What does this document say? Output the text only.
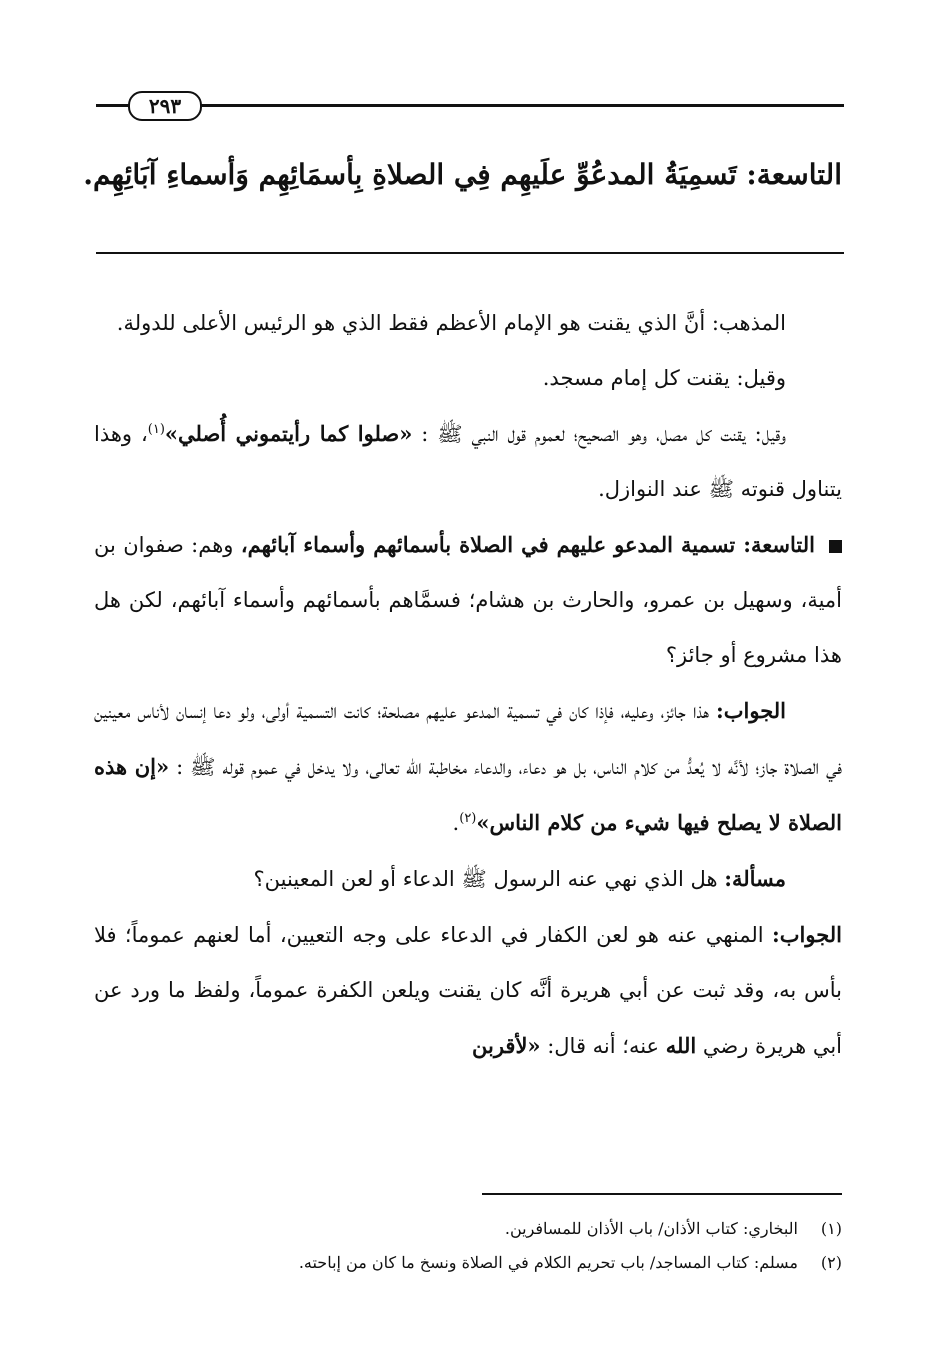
٢٩٣
التاسعة: تَسمِيَةُ المدعُوِّ علَيهِم فِي الصلاةِ بِأسمَائِهِم وَأسماءِ آبَائِهِم.

المذهب: أنَّ الذي يقنت هو الإمام الأعظم فقط الذي هو الرئيس الأعلى للدولة.

وقيل: يقنت كل إمام مسجد.

وقيل: يقنت كل مصل، وهو الصحيح؛ لعموم قول النبي ﷺ : «صلوا كما رأيتموني أُصلي»$^{(١)}$، وهذا يتناول قنوته ﷺ عند النوازل.

التاسعة: تسمية المدعو عليهم في الصلاة بأسمائهم وأسماء آبائهم، وهم: صفوان بن أمية، وسهيل بن عمرو، والحارث بن هشام؛ فسمَّاهم بأسمائهم وأسماء آبائهم، لكن هل هذا مشروع أو جائز؟

الجواب: هذا جائز، وعليه، فإذا كان في تسمية المدعو عليهم مصلحة؛ كانت التسمية أولى، ولو دعا إنسان لأناس معينين في الصلاة جاز؛ لأنَّه لا يُعدُّ من كلام الناس، بل هو دعاء، والدعاء مخاطبة الله تعالى، ولا يدخل في عموم قوله ﷺ : «إن هذه الصلاة لا يصلح فيها شيء من كلام الناس»$^{(٢)}$.

مسألة: هل الذي نهي عنه الرسول ﷺ الدعاء أو لعن المعينين؟

الجواب: المنهي عنه هو لعن الكفار في الدعاء على وجه التعيين، أما لعنهم عموماً؛ فلا بأس به، وقد ثبت عن أبي هريرة أنَّه كان يقنت ويلعن الكفرة عموماً، ولفظ ما ورد عن أبي هريرة رضي الله عنه؛ أنه قال: «لأقربن

(١)البخاري: كتاب الأذان/ باب الأذان للمسافرين.
(٢)مسلم: كتاب المساجد/ باب تحريم الكلام في الصلاة ونسخ ما كان من إباحته.
